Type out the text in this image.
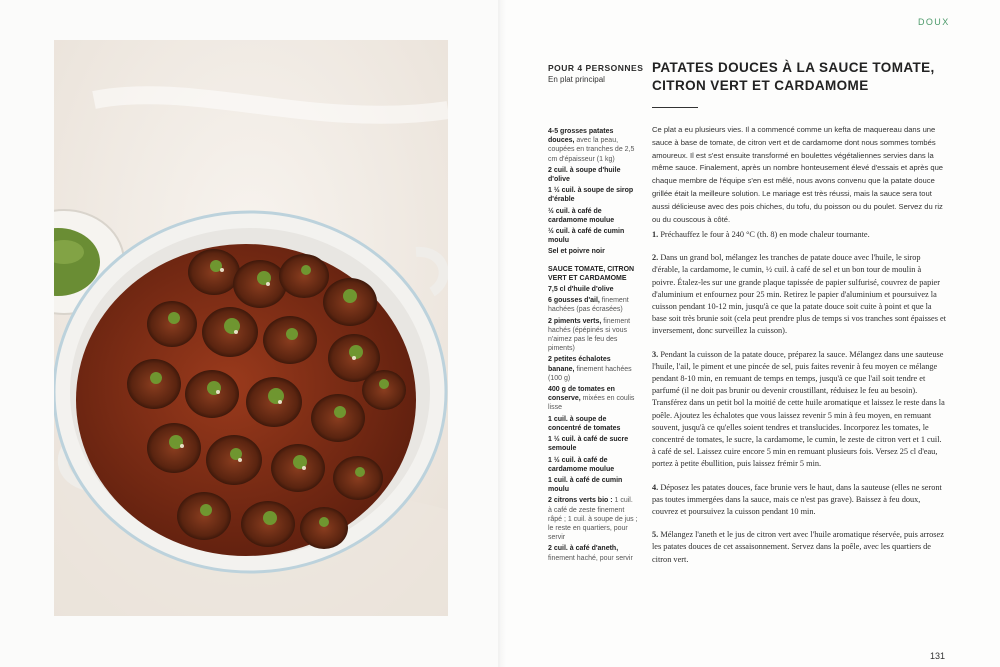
DOUX
POUR 4 PERSONNES
En plat principal
PATATES DOUCES À LA SAUCE TOMATE, CITRON VERT ET CARDAMOME

4-5 grosses patates douces, avec la peau, coupées en tranches de 2,5 cm d'épaisseur (1 kg)

2 cuil. à soupe d'huile d'olive

1 ½ cuil. à soupe de sirop d'érable

½ cuil. à café de cardamome moulue

½ cuil. à café de cumin moulu

Sel et poivre noir

SAUCE TOMATE, CITRON VERT ET CARDAMOME

7,5 cl d'huile d'olive

6 gousses d'ail, finement hachées (pas écrasées)

2 piments verts, finement hachés (épépinés si vous n'aimez pas le feu des piments)

2 petites échalotes banane, finement hachées (100 g)

400 g de tomates en conserve, mixées en coulis lisse

1 cuil. à soupe de concentré de tomates

1 ½ cuil. à café de sucre semoule

1 ½ cuil. à café de cardamome moulue

1 cuil. à café de cumin moulu

2 citrons verts bio : 1 cuil. à café de zeste finement râpé ; 1 cuil. à soupe de jus ; le reste en quartiers, pour servir

2 cuil. à café d'aneth, finement haché, pour servir

Ce plat a eu plusieurs vies. Il a commencé comme un kefta de maquereau dans une sauce à base de tomate, de citron vert et de cardamome dont nous sommes tombés amoureux. Il est s'est ensuite transformé en boulettes végétaliennes servies dans la même sauce. Finalement, après un nombre honteusement élevé d'essais et après que chaque membre de l'équipe s'en est mêlé, nous avons convenu que la patate douce grillée était la meilleure solution. Le mariage est très réussi, mais la sauce sera tout aussi délicieuse avec des pois chiches, du tofu, du poisson ou du poulet. Servez du riz ou du couscous à côté.

1. Préchauffez le four à 240 °C (th. 8) en mode chaleur tournante.

2. Dans un grand bol, mélangez les tranches de patate douce avec l'huile, le sirop d'érable, la cardamome, le cumin, ½ cuil. à café de sel et un bon tour de moulin à poivre. Étalez-les sur une grande plaque tapissée de papier sulfurisé, couvrez de papier d'aluminium et enfournez pour 25 min. Retirez le papier d'aluminium et poursuivez la cuisson pendant 10-12 min, jusqu'à ce que la patate douce soit cuite à point et que la base soit très brunie soit (cela peut prendre plus de temps si vos tranches sont épaisses et inversement, donc surveillez la cuisson).

3. Pendant la cuisson de la patate douce, préparez la sauce. Mélangez dans une sauteuse l'huile, l'ail, le piment et une pincée de sel, puis faites revenir à feu moyen ce mélange pendant 8-10 min, en remuant de temps en temps, jusqu'à ce que l'ail soit tendre et parfumé (il ne doit pas brunir ou devenir croustillant, réduisez le feu au besoin). Transférez dans un petit bol la moitié de cette huile aromatique et laissez le reste dans la poêle. Ajoutez les échalotes que vous laissez revenir 5 min à feu moyen, en remuant souvent, jusqu'à ce qu'elles soient tendres et translucides. Incorporez les tomates, le concentré de tomates, le sucre, la cardamome, le cumin, le zeste de citron vert et 1 cuil. à café de sel. Laissez cuire encore 5 min en remuant plusieurs fois. Versez 25 cl d'eau, portez à petite ébullition, puis laissez frémir 5 min.

4. Déposez les patates douces, face brunie vers le haut, dans la sauteuse (elles ne seront pas toutes immergées dans la sauce, mais ce n'est pas grave). Baissez à feu doux, couvrez et poursuivez la cuisson pendant 10 min.

5. Mélangez l'aneth et le jus de citron vert avec l'huile aromatique réservée, puis arrosez les patates douces de cet assaisonnement. Servez dans la poêle, avec les quartiers de citron vert.

131
